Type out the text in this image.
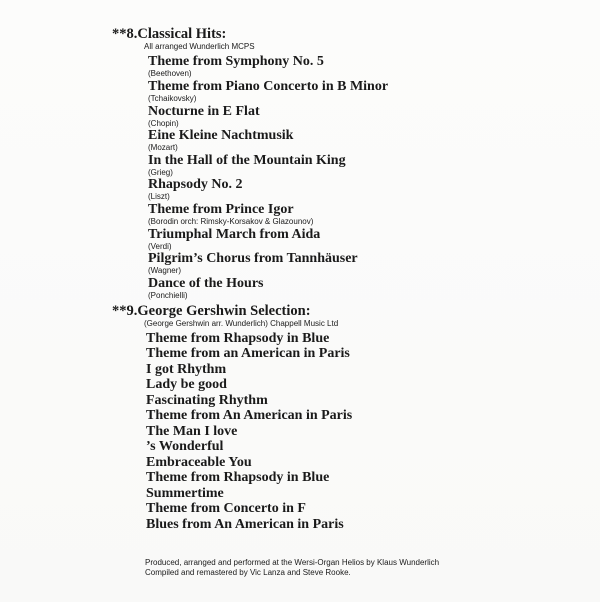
**8.Classical Hits:
All arranged Wunderlich MCPS
Theme from Symphony No. 5
(Beethoven)
Theme from Piano Concerto in B Minor
(Tchaikovsky)
Nocturne in E Flat
(Chopin)
Eine Kleine Nachtmusik
(Mozart)
In the Hall of the Mountain King
(Grieg)
Rhapsody No. 2
(Liszt)
Theme from Prince Igor
(Borodin orch: Rimsky-Korsakov & Glazounov)
Triumphal March from Aida
(Verdi)
Pilgrim’s Chorus from Tannhäuser
(Wagner)
Dance of the Hours
(Ponchielli)
**9.George Gershwin Selection:
(George Gershwin arr. Wunderlich) Chappell Music Ltd
Theme from Rhapsody in Blue
Theme from an American in Paris
I got Rhythm
Lady be good
Fascinating Rhythm
Theme from An American in Paris
The Man I love
’s Wonderful
Embraceable You
Theme from Rhapsody in Blue
Summertime
Theme from Concerto in F
Blues from An American in Paris
Produced, arranged and performed at the Wersi-Organ Helios by Klaus Wunderlich
Compiled and remastered by Vic Lanza and Steve Rooke.
